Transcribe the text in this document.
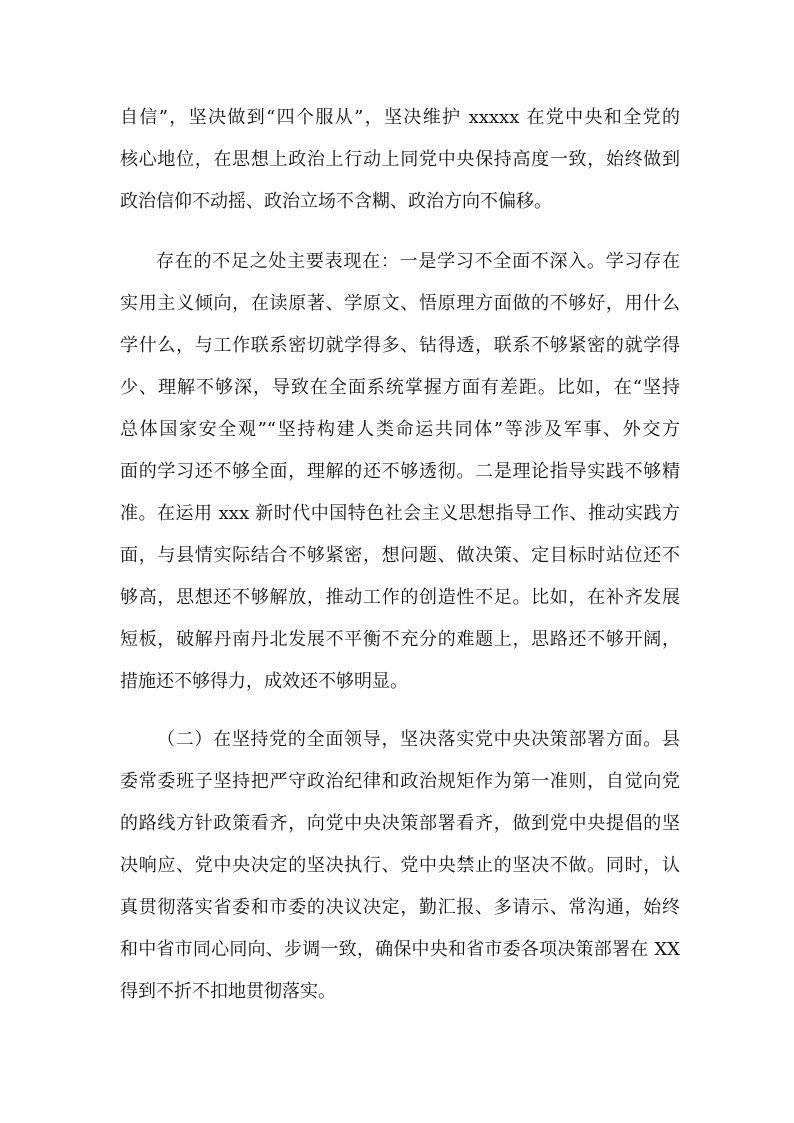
自信”，坚决做到“四个服从”，坚决维护 xxxxx 在党中央和全党的
核心地位，在思想上政治上行动上同党中央保持高度一致，始终做到
政治信仰不动摇、政治立场不含糊、政治方向不偏移。
存在的不足之处主要表现在：一是学习不全面不深入。学习存在
实用主义倾向，在读原著、学原文、悟原理方面做的不够好，用什么
学什么，与工作联系密切就学得多、钻得透，联系不够紧密的就学得
少、理解不够深，导致在全面系统掌握方面有差距。比如，在“坚持
总体国家安全观”“坚持构建人类命运共同体”等涉及军事、外交方
面的学习还不够全面，理解的还不够透彻。二是理论指导实践不够精
准。在运用 xxx 新时代中国特色社会主义思想指导工作、推动实践方
面，与县情实际结合不够紧密，想问题、做决策、定目标时站位还不
够高，思想还不够解放，推动工作的创造性不足。比如，在补齐发展
短板，破解丹南丹北发展不平衡不充分的难题上，思路还不够开阔，
措施还不够得力，成效还不够明显。
（二）在坚持党的全面领导，坚决落实党中央决策部署方面。县
委常委班子坚持把严守政治纪律和政治规矩作为第一准则，自觉向党
的路线方针政策看齐，向党中央决策部署看齐，做到党中央提倡的坚
决响应、党中央决定的坚决执行、党中央禁止的坚决不做。同时，认
真贯彻落实省委和市委的决议决定，勤汇报、多请示、常沟通，始终
和中省市同心同向、步调一致，确保中央和省市委各项决策部署在 XX
得到不折不扣地贯彻落实。
